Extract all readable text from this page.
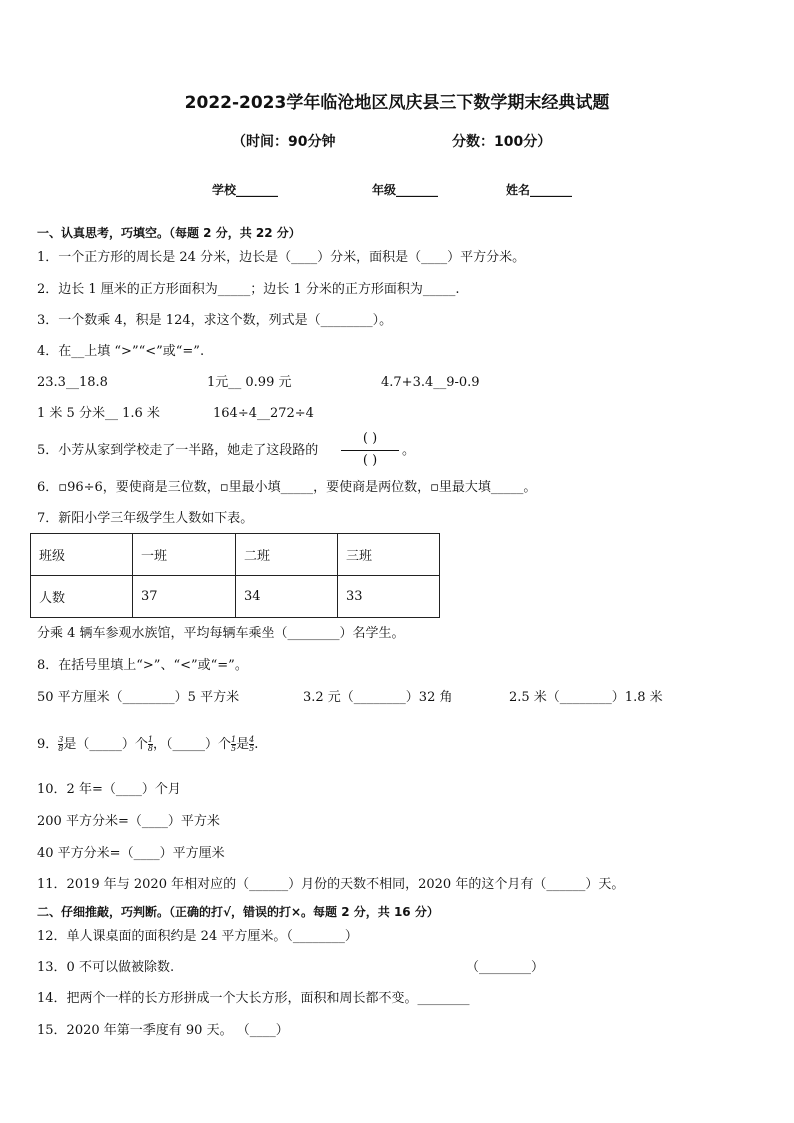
2022-2023学年临沧地区凤庆县三下数学期末经典试题
（时间：90分钟	分数：100分）
学校_______	年级_______	姓名_______
一、认真思考，巧填空。（每题 2 分，共 22 分）
1．一个正方形的周长是 24 分米，边长是（____）分米，面积是（____）平方分米。
2．边长 1 厘米的正方形面积为_____；边长 1 分米的正方形面积为_____.
3．一个数乘 4，积是 124，求这个数，列式是（________）。
4．在__上填 “>”“<”或“=”.
23.3__18.8	1元__ 0.99 元	4.7+3.4__9-0.9
1 米 5 分米__ 1.6 米	164÷4__272÷4
5．小芳从家到学校走了一半路，她走了这段路的
( )
( )
。
6．▫96÷6，要使商是三位数，▫里最小填_____，要使商是两位数，▫里最大填_____。
7．新阳小学三年级学生人数如下表。
班级	一班	二班	三班
人数	37	34	33
分乘 4 辆车参观水族馆，平均每辆车乘坐（________）名学生。
8．在括号里填上“>”、“<”或“=”。
50 平方厘米（________）5 平方米	3.2 元（________）32 角	2.5 米（________）1.8 米
9． $\frac{3}{8}$ 是（_____）个 $\frac{1}{8}$ ，（_____）个 $\frac{1}{5}$ 是 $\frac{4}{5}$ .
10．2 年=（____）个月
200 平方分米=（____）平方米
40 平方分米=（____）平方厘米
11．2019 年与 2020 年相对应的（______）月份的天数不相同，2020 年的这个月有（______）天。
二、仔细推敲，巧判断。（正确的打√，错误的打×。每题 2 分，共 16 分）
12．单人课桌面的面积约是 24 平方厘米。（________）
13．0 不可以做被除数.	（________）
14．把两个一样的长方形拼成一个大长方形，面积和周长都不变。________
15．2020 年第一季度有 90 天。 （____）
